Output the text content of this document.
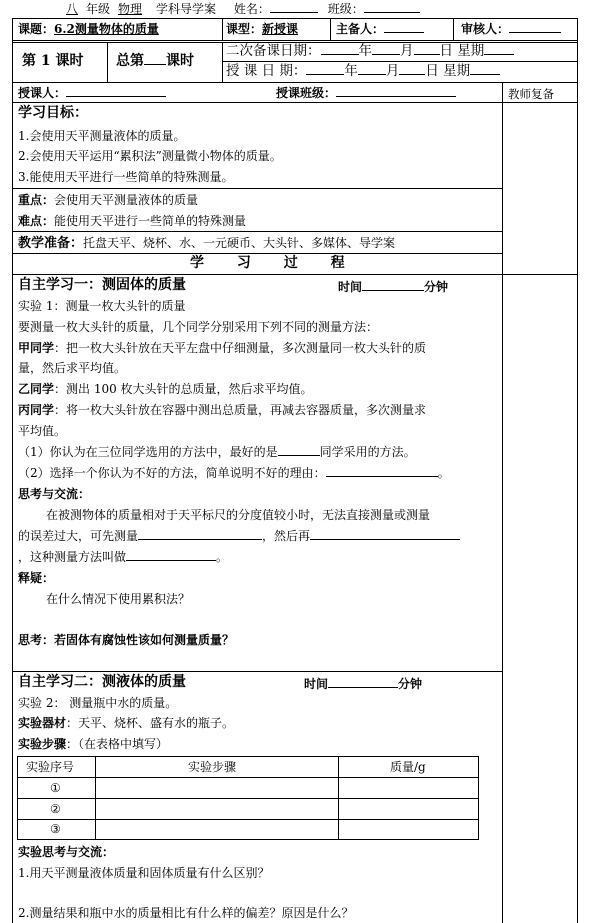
八 年级 物理 学科导学案 姓名：	班级：
课题：6.2测量物体的质量	课型：新授课	主备人：	审核人：
第 1 课时 总第 课时
二次备课日期：	年 月 日 星期
授 课 日 期：	年 月 日 星期
授课人：	授课班级：	教师复备
学习目标：
1.会使用天平测量液体的质量。
2.会使用天平运用“累积法”测量微小物体的质量。
3.能使用天平进行一些简单的特殊测量。
重点：会使用天平测量液体的质量
难点：能使用天平进行一些简单的特殊测量
教学准备：托盘天平、烧杯、水、一元硬币、大头针、多媒体、导学案
学 习 过 程
自主学习一：测固体的质量	时间	分钟
实验 1：测量一枚大头针的质量
要测量一枚大头针的质量，几个同学分别采用下列不同的测量方法：
甲同学：把一枚大头针放在天平左盘中仔细测量，多次测量同一枚大头针的质
量，然后求平均值。
乙同学：测出 100 枚大头针的总质量，然后求平均值。
丙同学：将一枚大头针放在容器中测出总质量，再减去容器质量，多次测量求
平均值。
（1）你认为在三位同学选用的方法中，最好的是	同学采用的方法。
（2）选择一个你认为不好的方法，简单说明不好的理由：	。
思考与交流：
在被测物体的质量相对于天平标尺的分度值较小时，无法直接测量或测量
的误差过大，可先测量	，然后再
，这种测量方法叫做	。
释疑：
在什么情况下使用累积法？
思考：若固体有腐蚀性该如何测量质量？
自主学习二：测液体的质量	时间	分钟
实验 2： 测量瓶中水的质量。
实验器材：天平、烧杯、盛有水的瓶子。
实验步骤：（在表格中填写）
实验序号	实验步骤	质量/g
①
②
③
实验思考与交流：
1.用天平测量液体质量和固体质量有什么区别？
2.测量结果和瓶中水的质量相比有什么样的偏差？原因是什么？
